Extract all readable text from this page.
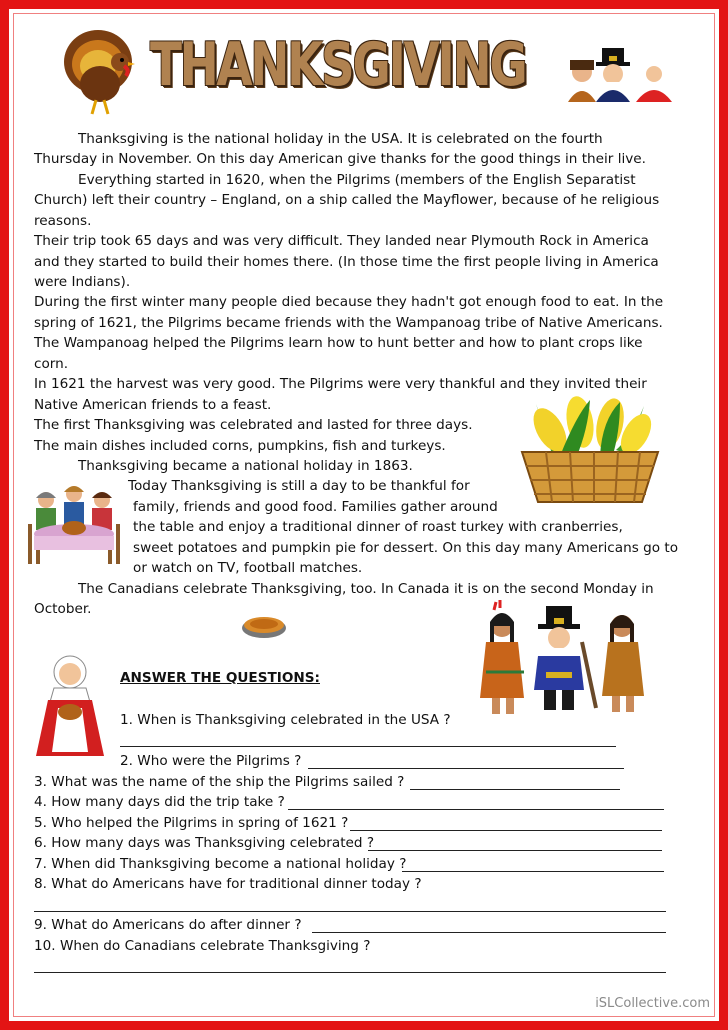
THANKSGIVING
Thanksgiving is the national holiday in the USA. It is celebrated on the fourth
Thursday in November. On this day American give thanks for the good things in their live.
Everything started in 1620, when the Pilgrims (members of the English Separatist
Church) left their country – England, on a ship called the Mayflower, because of he religious
reasons.
Their trip took 65 days and was very difficult. They landed near Plymouth Rock in America
and they started to build their homes there. (In those time the first people living in America
were Indians).
During the first winter many people died because they hadn't got enough food to eat. In the
spring of 1621, the Pilgrims became friends with the Wampanoag tribe of Native Americans.
The Wampanoag helped the Pilgrims learn how to hunt better and how to plant crops like
corn.
In 1621 the harvest was very good. The Pilgrims were very thankful and they invited their
Native American friends to a feast.
The first Thanksgiving was celebrated and lasted for three days.
The main dishes included corns, pumpkins, fish and turkeys.
Thanksgiving became a national holiday in 1863.
Today Thanksgiving is still a day to be thankful for
family, friends and good food. Families gather around
the table and enjoy a traditional dinner of roast turkey with cranberries,
sweet potatoes and pumpkin pie for dessert. On this day many Americans go to
or watch on TV, football matches.
The Canadians celebrate Thanksgiving, too. In Canada it is on the second Monday in
October.
ANSWER THE QUESTIONS:
1. When is Thanksgiving celebrated in the USA ?
2. Who were the Pilgrims ?
3. What was the name of the ship the Pilgrims sailed ?
4. How many days did the trip take ?
5. Who helped the Pilgrims in spring of 1621 ?
6. How many days was Thanksgiving celebrated ?
7. When did Thanksgiving become a national holiday ?
8. What do Americans have for traditional dinner today ?
9. What do Americans do after dinner ?
10. When do Canadians celebrate Thanksgiving ?
iSLCollective.com
